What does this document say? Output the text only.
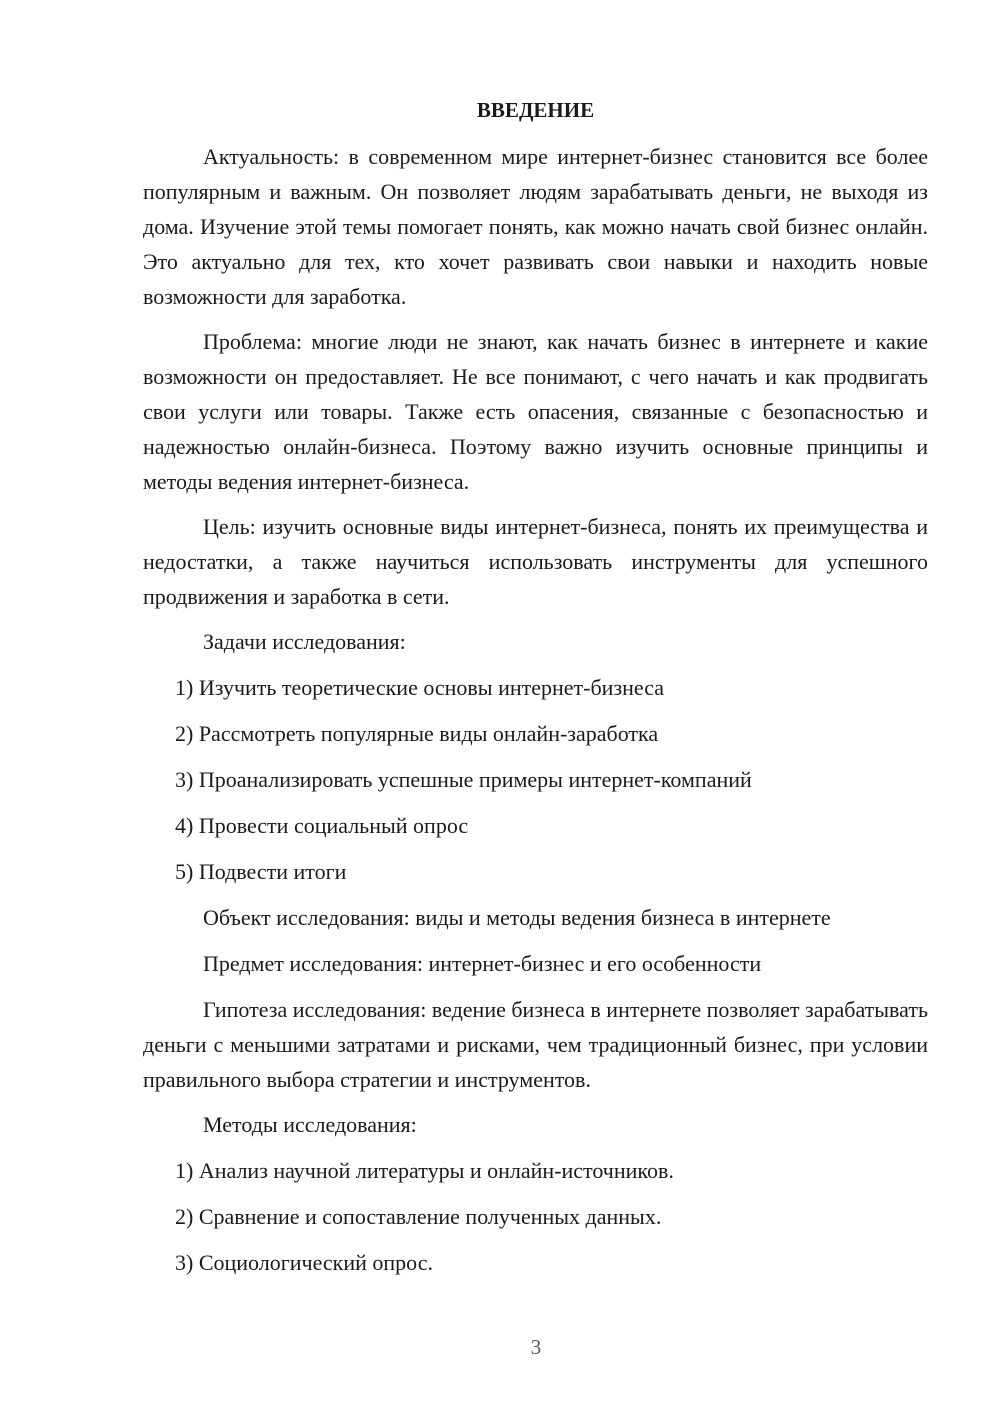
ВВЕДЕНИЕ

Актуальность: в современном мире интернет-бизнес становится все более популярным и важным. Он позволяет людям зарабатывать деньги, не выходя из дома. Изучение этой темы помогает понять, как можно начать свой бизнес онлайн. Это актуально для тех, кто хочет развивать свои навыки и находить новые возможности для заработка.

Проблема: многие люди не знают, как начать бизнес в интернете и какие возможности он предоставляет. Не все понимают, с чего начать и как продвигать свои услуги или товары. Также есть опасения, связанные с безопасностью и надежностью онлайн-бизнеса. Поэтому важно изучить основные принципы и методы ведения интернет-бизнеса.

Цель: изучить основные виды интернет-бизнеса, понять их преимущества и недостатки, а также научиться использовать инструменты для успешного продвижения и заработка в сети.

Задачи исследования:

1) Изучить теоретические основы интернет-бизнеса

2) Рассмотреть популярные виды онлайн-заработка

3) Проанализировать успешные примеры интернет-компаний

4) Провести социальный опрос

5) Подвести итоги

Объект исследования: виды и методы ведения бизнеса в интернете

Предмет исследования: интернет-бизнес и его особенности

Гипотеза исследования: ведение бизнеса в интернете позволяет зарабатывать деньги с меньшими затратами и рисками, чем традиционный бизнес, при условии правильного выбора стратегии и инструментов.

Методы исследования:

1) Анализ научной литературы и онлайн-источников.

2) Сравнение и сопоставление полученных данных.

3) Социологический опрос.

3
